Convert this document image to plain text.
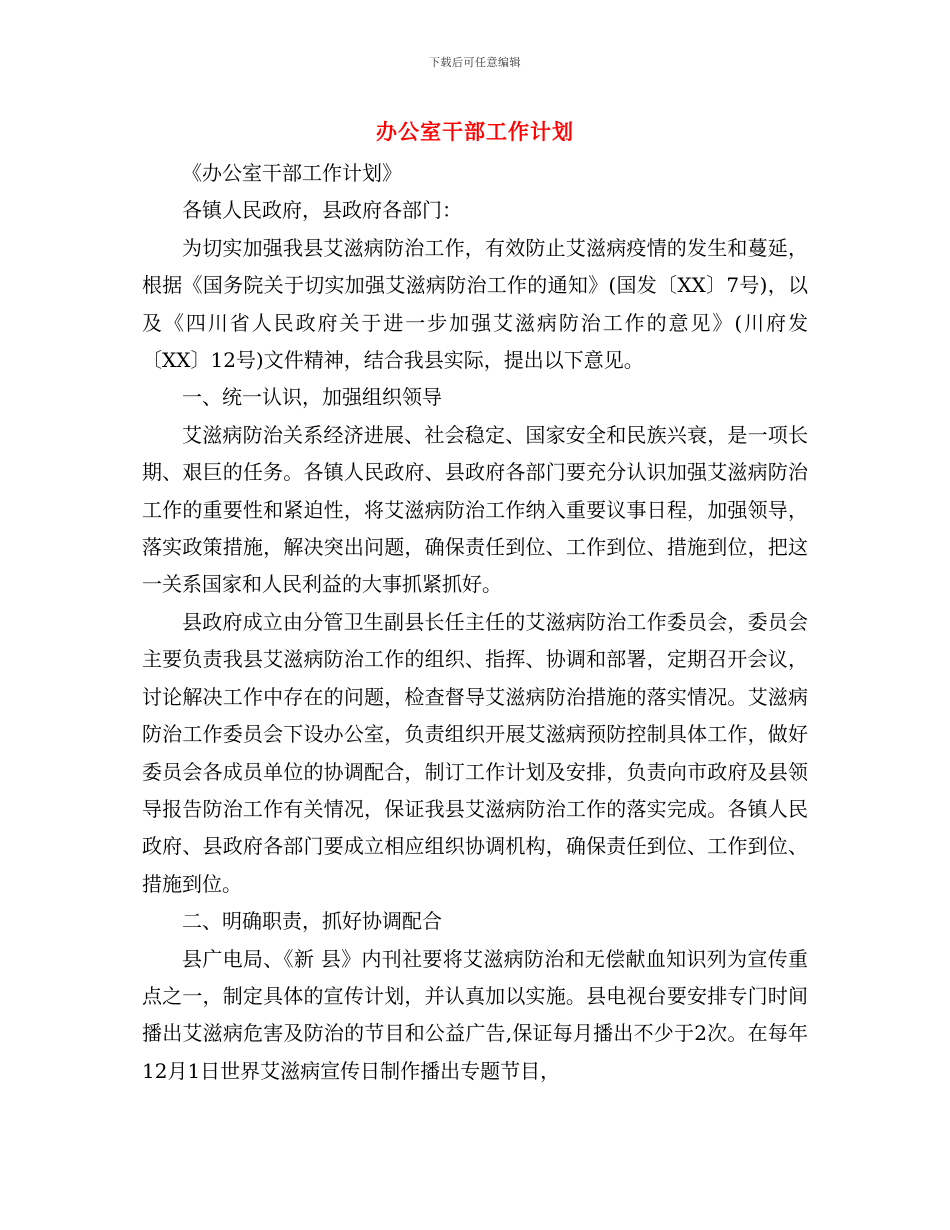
下载后可任意编辑
办公室干部工作计划

《办公室干部工作计划》

各镇人民政府，县政府各部门：

为切实加强我县艾滋病防治工作，有效防止艾滋病疫情的发生和蔓延，根据《国务院关于切实加强艾滋病防治工作的通知》(国发〔XX〕7号)，以及《四川省人民政府关于进一步加强艾滋病防治工作的意见》(川府发〔XX〕12号)文件精神，结合我县实际，提出以下意见。

一、统一认识，加强组织领导

艾滋病防治关系经济进展、社会稳定、国家安全和民族兴衰，是一项长期、艰巨的任务。各镇人民政府、县政府各部门要充分认识加强艾滋病防治工作的重要性和紧迫性，将艾滋病防治工作纳入重要议事日程，加强领导，落实政策措施，解决突出问题，确保责任到位、工作到位、措施到位，把这一关系国家和人民利益的大事抓紧抓好。

县政府成立由分管卫生副县长任主任的艾滋病防治工作委员会，委员会主要负责我县艾滋病防治工作的组织、指挥、协调和部署，定期召开会议，讨论解决工作中存在的问题，检查督导艾滋病防治措施的落实情况。艾滋病防治工作委员会下设办公室，负责组织开展艾滋病预防控制具体工作，做好委员会各成员单位的协调配合，制订工作计划及安排，负责向市政府及县领导报告防治工作有关情况，保证我县艾滋病防治工作的落实完成。各镇人民政府、县政府各部门要成立相应组织协调机构，确保责任到位、工作到位、措施到位。

二、明确职责，抓好协调配合

县广电局、《新 县》内刊社要将艾滋病防治和无偿献血知识列为宣传重点之一，制定具体的宣传计划，并认真加以实施。县电视台要安排专门时间播出艾滋病危害及防治的节目和公益广告,保证每月播出不少于2次。在每年12月1日世界艾滋病宣传日制作播出专题节目，
